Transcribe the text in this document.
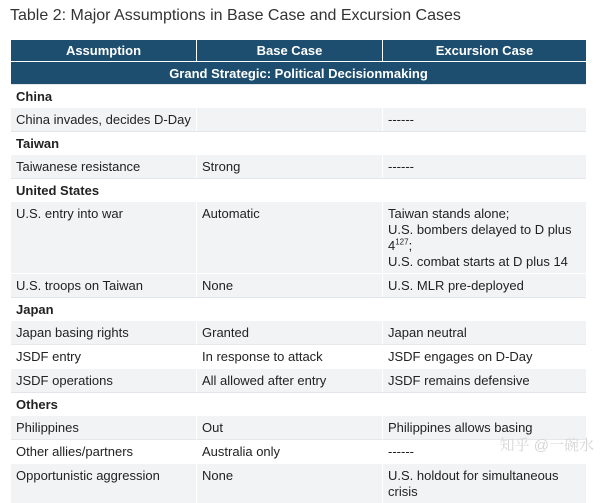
Table 2: Major Assumptions in Base Case and Excursion Cases
Assumption	Base Case	Excursion Case
Grand Strategic: Political Decisionmaking		
China		
China invades, decides D-Day		------
Taiwan		
Taiwanese resistance	Strong	------
United States		
U.S. entry into war	Automatic	Taiwan stands alone;
U.S. bombers delayed to D plus 4$^{127}$;
U.S. combat starts at D plus 14

U.S. troops on Taiwan	None	U.S. MLR pre-deployed
Japan		
Japan basing rights	Granted	Japan neutral
JSDF entry	In response to attack	JSDF engages on D-Day
JSDF operations	All allowed after entry	JSDF remains defensive
Others		
Philippines	Out	Philippines allows basing
Other allies/partners	Australia only	------
Opportunistic aggression	None	U.S. holdout for simultaneous crisis
知乎 @一碗水
